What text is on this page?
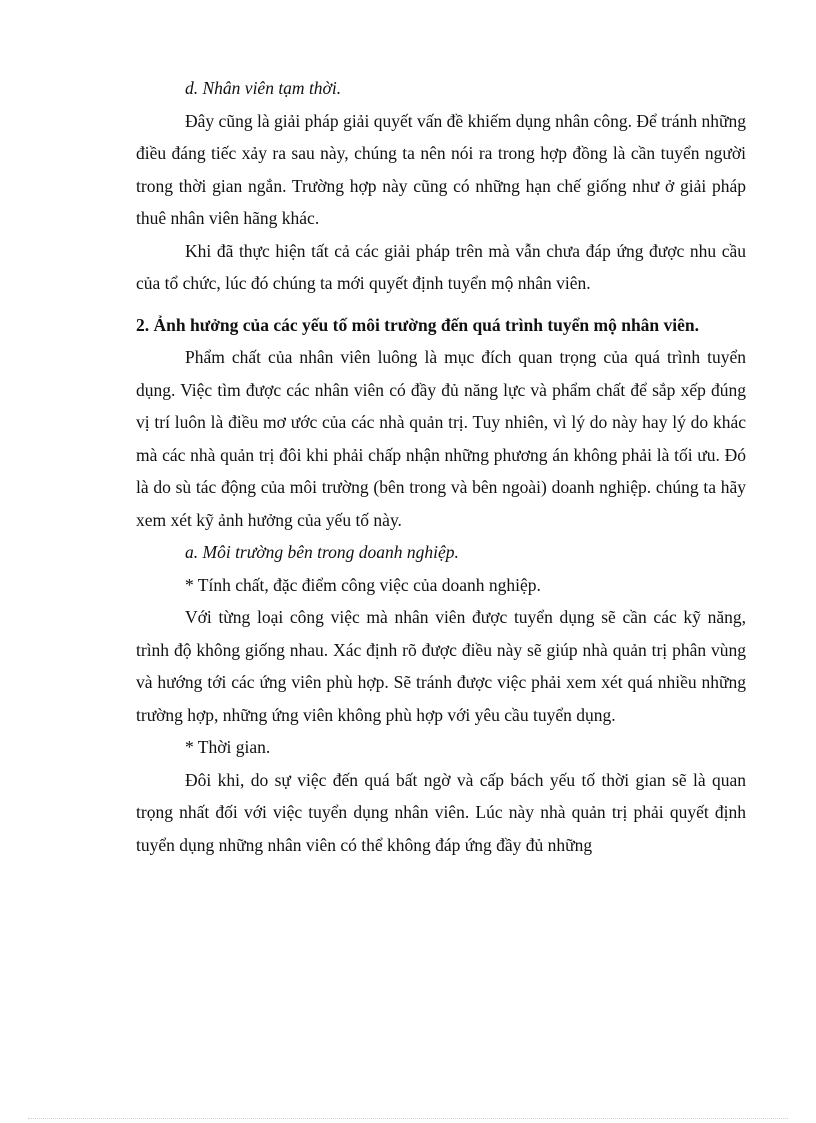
d. Nhân viên tạm thời.

Đây cũng là giải pháp giải quyết vấn đề khiếm dụng nhân công. Để tránh những điều đáng tiếc xảy ra sau này, chúng ta nên nói ra trong hợp đồng là cần tuyển người trong thời gian ngắn. Trường hợp này cũng có những hạn chế giống như ở giải pháp thuê nhân viên hãng khác.

Khi đã thực hiện tất cả các giải pháp trên mà vẫn chưa đáp ứng được nhu cầu của tổ chức, lúc đó chúng ta mới quyết định tuyển mộ nhân viên.

2. Ảnh hưởng của các yếu tố môi trường đến quá trình tuyển mộ nhân viên.

Phẩm chất của nhân viên luông là mục đích quan trọng của quá trình tuyển dụng. Việc tìm được các nhân viên có đầy đủ năng lực và phẩm chất để sắp xếp đúng vị trí luôn là điều mơ ước của các nhà quản trị. Tuy nhiên, vì lý do này hay lý do khác mà các nhà quản trị đôi khi phải chấp nhận những phương án không phải là tối ưu. Đó là do sù tác động của môi trường (bên trong và bên ngoài) doanh nghiệp. chúng ta hãy xem xét kỹ ảnh hưởng của yếu tố này.

a. Môi trường bên trong doanh nghiệp.

* Tính chất, đặc điểm công việc của doanh nghiệp.

Với từng loại công việc mà nhân viên được tuyển dụng sẽ cần các kỹ năng, trình độ không giống nhau. Xác định rõ được điều này sẽ giúp nhà quản trị phân vùng và hướng tới các ứng viên phù hợp. Sẽ tránh được việc phải xem xét quá nhiều những trường hợp, những ứng viên không phù hợp với yêu cầu tuyển dụng.

* Thời gian.

Đôi khi, do sự việc đến quá bất ngờ và cấp bách yếu tố thời gian sẽ là quan trọng nhất đối với việc tuyển dụng nhân viên. Lúc này nhà quản trị phải quyết định tuyển dụng những nhân viên có thể không đáp ứng đầy đủ những
